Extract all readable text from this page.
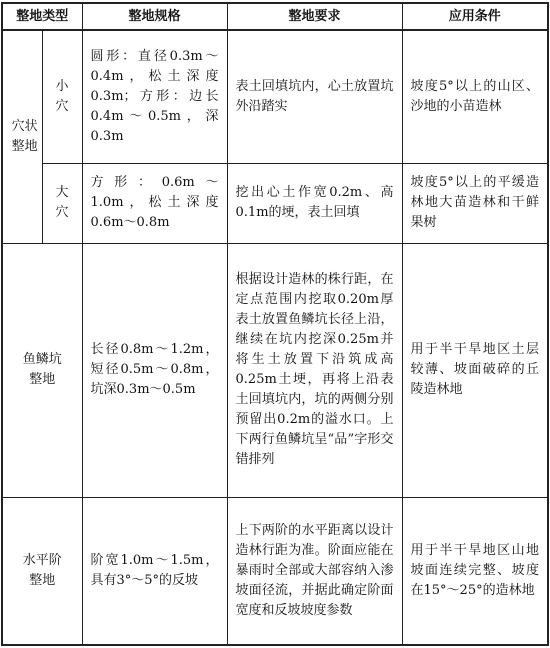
整地类型		整地规格	整地要求	应用条件
穴状整地	小穴	圆形：直径0.3m～0.4m，松土深度0.3m；方形：边长0.4m～0.5m，深0.3m	表土回填坑内，心土放置坑外沿踏实	坡度5°以上的山区、沙地的小苗造林
	大穴	方形：0.6m～1.0m，松土深度0.6m～0.8m	挖出心土作宽0.2m、高0.1m的埂，表土回填	坡度5°以上的平缓造林地大苗造林和干鲜果树
鱼鳞坑整地		长径0.8m～1.2m，短径0.5m～0.8m，坑深0.3m～0.5m	根据设计造林的株行距，在定点范围内挖取0.20m厚表土放置鱼鳞坑长径上沿，继续在坑内挖深0.25m并将生土放置下沿筑成高0.25m土埂，再将上沿表土回填坑内，坑的两侧分别预留出0.2m的溢水口。上下两行鱼鳞坑呈“品”字形交错排列	用于半干旱地区土层较薄、坡面破碎的丘陵造林地
水平阶整地		阶宽1.0m～1.5m，具有3°～5°的反坡	上下两阶的水平距离以设计造林行距为准。阶面应能在暴雨时全部或大部容纳入渗坡面径流，并据此确定阶面宽度和反坡坡度参数	用于半干旱地区山地坡面连续完整、坡度在15°～25°的造林地
